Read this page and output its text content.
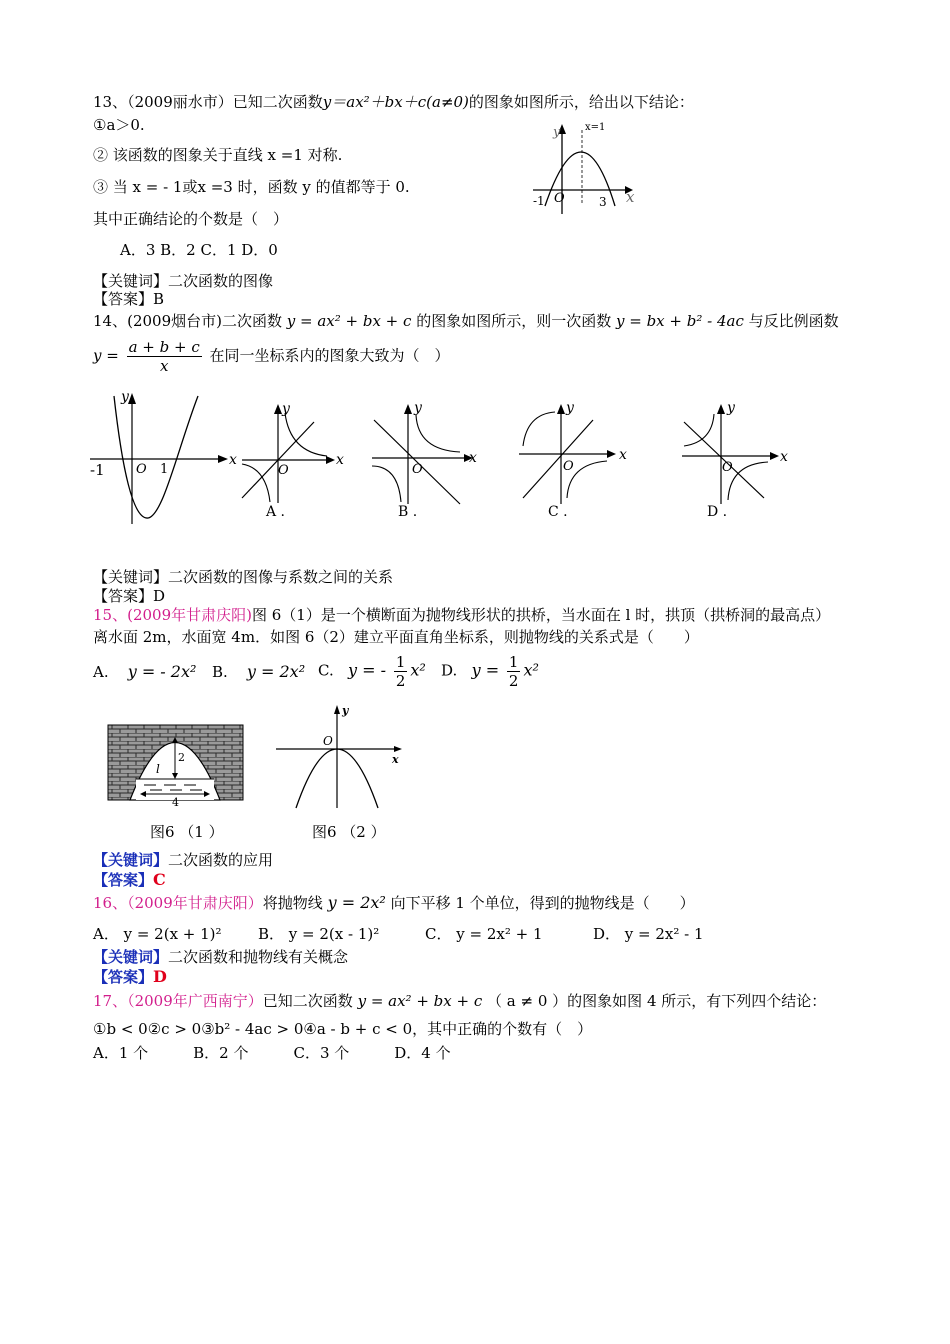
13、（2009丽水市）已知二次函数y＝ax²＋bx＋c(a≠0)的图象如图所示，给出以下结论：
①a＞0.
② 该函数的图象关于直线 x =1 对称.
③ 当 x = - 1或x =3 时，函数 y 的值都等于 0.
其中正确结论的个数是（　）
A．3 B．2 C．1 D．0
【关键词】二次函数的图像
【答案】B
y x=1
-1 O	3 x
14、(2009烟台市)二次函数 y = ax² + bx + c 的图象如图所示，则一次函数 y = bx + b² - 4ac 与反比例函数
$y = \frac{a + b + c}{x}$ 在同一坐标系内的图象大致为（　）
y
x
-1 O 1
y
x
O
A .
y
x
O
B .
y
x
O
C .
y
x
O
D .
【关键词】二次函数的图像与系数之间的关系
【答案】D
15、(2009年甘肃庆阳)图 6（1）是一个横断面为抛物线形状的拱桥，当水面在 l 时，拱顶（拱桥洞的最高点）
离水面 2m，水面宽 4m．如图 6（2）建立平面直角坐标系，则抛物线的关系式是（　　）
A. y = - 2x² B. y = 2x² C. y = - $\frac{1}{2} x^2$ D. $y = \frac{1}{2} x^2$
2
l
4
y
x
O
图6 （1 ）	图6 （2 ）
【关键词】二次函数的应用
【答案】C
16、（2009年甘肃庆阳）将抛物线 y = 2x² 向下平移 1 个单位，得到的抛物线是（　　）
A． y = 2(x + 1)² B． y = 2(x - 1)²	C． y = 2x² + 1	D． y = 2x² - 1
【关键词】二次函数和抛物线有关概念
【答案】D
17、（2009年广西南宁）已知二次函数 y = ax² + bx + c （ a ≠ 0 ）的图象如图 4 所示，有下列四个结论：
①b < 0②c > 0③b² - 4ac > 0④a - b + c < 0，其中正确的个数有（　）
A．1 个　　　B．2 个　　　C．3 个　　　D．4 个
